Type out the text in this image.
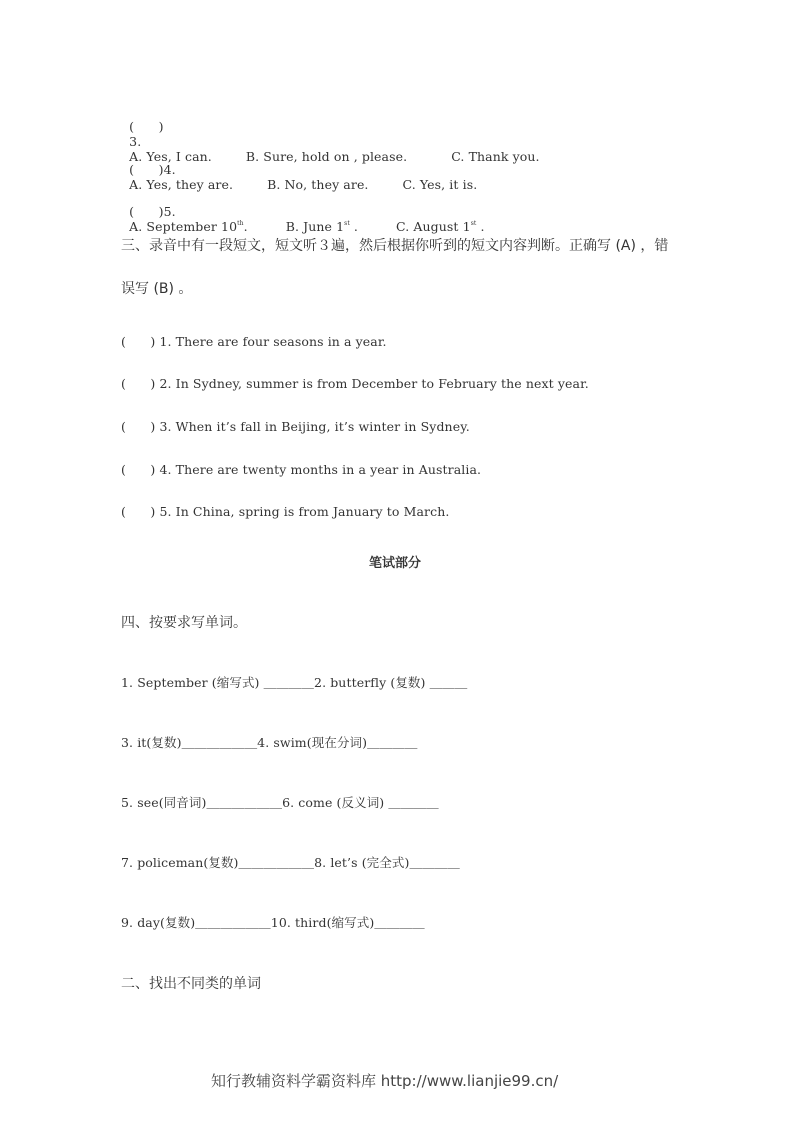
(      )
3.
A. Yes, I can.	B. Sure, hold on , please.	C. Thank you.

(      )4.
A. Yes, they are.	B. No, they are.	C. Yes, it is.

(      )5.
A. September 10th.	B. June 1st .	C. August 1st .

三、录音中有一段短文，短文听３遍，然后根据你听到的短文内容判断。正确写 (A) ，错
误写 (B) 。
(      ) 1. There are four seasons in a year.
(      ) 2. In Sydney, summer is from December to February the next year.
(      ) 3. When it’s fall in Beijing, it’s winter in Sydney.
(      ) 4. There are twenty months in a year in Australia.
(      ) 5. In China, spring is from January to March.
笔试部分
四、按要求写单词。
1. September (缩写式) ＿＿＿＿2. butterfly (复数) ＿＿＿
3. it(复数)＿＿＿＿＿＿4. swim(现在分词)＿＿＿＿
5. see(同音词)＿＿＿＿＿＿6. come (反义词) ＿＿＿＿
7. policeman(复数)＿＿＿＿＿＿8. let’s (完全式)＿＿＿＿
9. day(复数)＿＿＿＿＿＿10. third(缩写式)＿＿＿＿
二、找出不同类的单词
知行教辅资料学霸资料库 http://www.lianjie99.cn/
